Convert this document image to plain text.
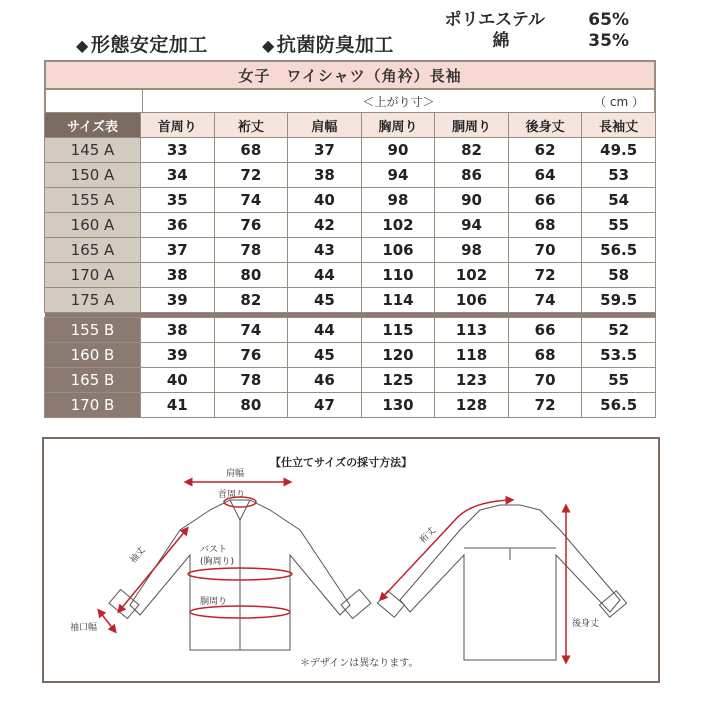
◆ 形態安定加工	◆ 抗菌防臭加工
ポリエステル	65%
綿	35%
女子　ワイシャツ（角衿）長袖
＜上がり寸＞	（ cm ）
サイズ表	首周り	裄丈	肩幅	胸周り	胴周り	後身丈	長袖丈
145 A	33	68	37	90	82	62	49.5
150 A	34	72	38	94	86	64	53
155 A	35	74	40	98	90	66	54
160 A	36	76	42	102	94	68	55
165 A	37	78	43	106	98	70	56.5
170 A	38	80	44	110	102	72	58
175 A	39	82	45	114	106	74	59.5

155 B	38	74	44	115	113	66	52
160 B	39	76	45	120	118	68	53.5
165 B	40	78	46	125	123	70	55
170 B	41	80	47	130	128	72	56.5
【仕立てサイズの採寸方法】
肩幅
首周り
バスト
(胸周り)
胴周り
袖丈
袖口幅
裄丈
後身丈
＊デザインは異なります。
